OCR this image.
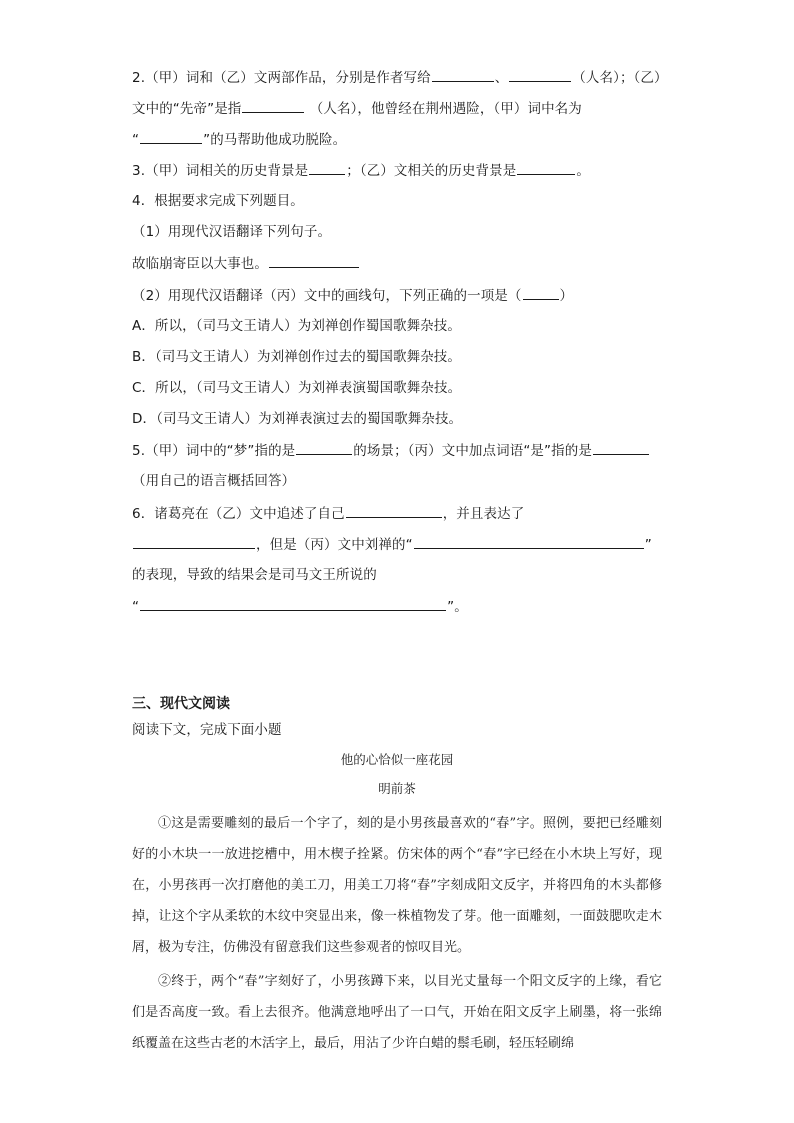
2.（甲）词和（乙）文两部作品，分别是作者写给	、	（人名）；（乙）
文中的“先帝”是指	（人名），他曾经在荆州遇险，（甲）词中名为
“	”的马帮助他成功脱险。
3.（甲）词相关的历史背景是	；（乙）文相关的历史背景是	。
4．根据要求完成下列题目。
（1）用现代汉语翻译下列句子。
故临崩寄臣以大事也。
（2）用现代汉语翻译（丙）文中的画线句，下列正确的一项是（	）
A．所以，（司马文王请人）为刘禅创作蜀国歌舞杂技。
B．（司马文王请人）为刘禅创作过去的蜀国歌舞杂技。
C．所以，（司马文王请人）为刘禅表演蜀国歌舞杂技。
D．（司马文王请人）为刘禅表演过去的蜀国歌舞杂技。
5.（甲）词中的“梦”指的是	的场景；（丙）文中加点词语“是”指的是
（用自己的语言概括回答）
6．诸葛亮在（乙）文中追述了自己	，并且表达了
，但是（丙）文中刘禅的“	”
的表现，导致的结果会是司马文王所说的
“	”。
三、现代文阅读
阅读下文，完成下面小题
他的心恰似一座花园
明前茶
①这是需要雕刻的最后一个字了，刻的是小男孩最喜欢的“春”字。照例，要把已经雕刻好的小木块一一放进挖槽中，用木楔子拴紧。仿宋体的两个“春”字已经在小木块上写好，现在，小男孩再一次打磨他的美工刀，用美工刀将“春”字刻成阳文反字，并将四角的木头都修掉，让这个字从柔软的木纹中突显出来，像一株植物发了芽。他一面雕刻，一面鼓腮吹走木屑，极为专注，仿佛没有留意我们这些参观者的惊叹目光。
②终于，两个“春”字刻好了，小男孩蹲下来，以目光丈量每一个阳文反字的上缘，看它们是否高度一致。看上去很齐。他满意地呼出了一口气，开始在阳文反字上刷墨，将一张绵纸覆盖在这些古老的木活字上，最后，用沾了少许白蜡的鬃毛刷，轻压轻刷绵
